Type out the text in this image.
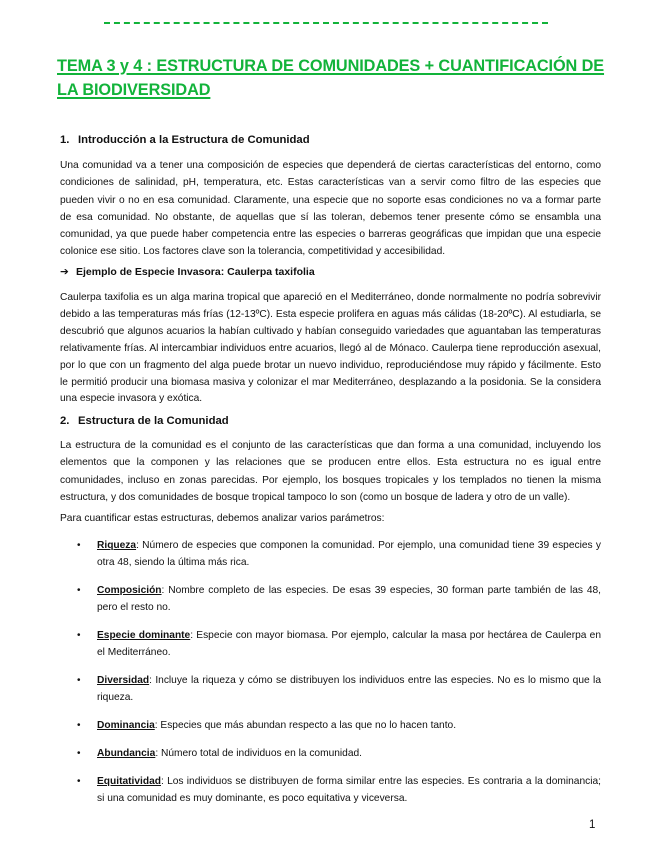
TEMA 3 y 4 : ESTRUCTURA DE COMUNIDADES + CUANTIFICACIÓN DE LA BIODIVERSIDAD
1. Introducción a la Estructura de Comunidad
Una comunidad va a tener una composición de especies que dependerá de ciertas características del entorno, como condiciones de salinidad, pH, temperatura, etc. Estas características van a servir como filtro de las especies que pueden vivir o no en esa comunidad. Claramente, una especie que no soporte esas condiciones no va a formar parte de esa comunidad. No obstante, de aquellas que sí las toleran, debemos tener presente cómo se ensambla una comunidad, ya que puede haber competencia entre las especies o barreras geográficas que impidan que una especie colonice ese sitio. Los factores clave son la tolerancia, competitividad y accesibilidad.
➔ Ejemplo de Especie Invasora: Caulerpa taxifolia
Caulerpa taxifolia es un alga marina tropical que apareció en el Mediterráneo, donde normalmente no podría sobrevivir debido a las temperaturas más frías (12-13ºC). Esta especie prolifera en aguas más cálidas (18-20ºC). Al estudiarla, se descubrió que algunos acuarios la habían cultivado y habían conseguido variedades que aguantaban las temperaturas relativamente frías. Al intercambiar individuos entre acuarios, llegó al de Mónaco. Caulerpa tiene reproducción asexual, por lo que con un fragmento del alga puede brotar un nuevo individuo, reproduciéndose muy rápido y fácilmente. Esto le permitió producir una biomasa masiva y colonizar el mar Mediterráneo, desplazando a la posidonia. Se la considera una especie invasora y exótica.
2. Estructura de la Comunidad
La estructura de la comunidad es el conjunto de las características que dan forma a una comunidad, incluyendo los elementos que la componen y las relaciones que se producen entre ellos. Esta estructura no es igual entre comunidades, incluso en zonas parecidas. Por ejemplo, los bosques tropicales y los templados no tienen la misma estructura, y dos comunidades de bosque tropical tampoco lo son (como un bosque de ladera y otro de un valle).
Para cuantificar estas estructuras, debemos analizar varios parámetros:
• Riqueza: Número de especies que componen la comunidad. Por ejemplo, una comunidad tiene 39 especies y otra 48, siendo la última más rica.
• Composición: Nombre completo de las especies. De esas 39 especies, 30 forman parte también de las 48, pero el resto no.
• Especie dominante: Especie con mayor biomasa. Por ejemplo, calcular la masa por hectárea de Caulerpa en el Mediterráneo.
• Diversidad: Incluye la riqueza y cómo se distribuyen los individuos entre las especies. No es lo mismo que la riqueza.
• Dominancia: Especies que más abundan respecto a las que no lo hacen tanto.
• Abundancia: Número total de individuos en la comunidad.
• Equitatividad: Los individuos se distribuyen de forma similar entre las especies. Es contraria a la dominancia; si una comunidad es muy dominante, es poco equitativa y viceversa.
1
